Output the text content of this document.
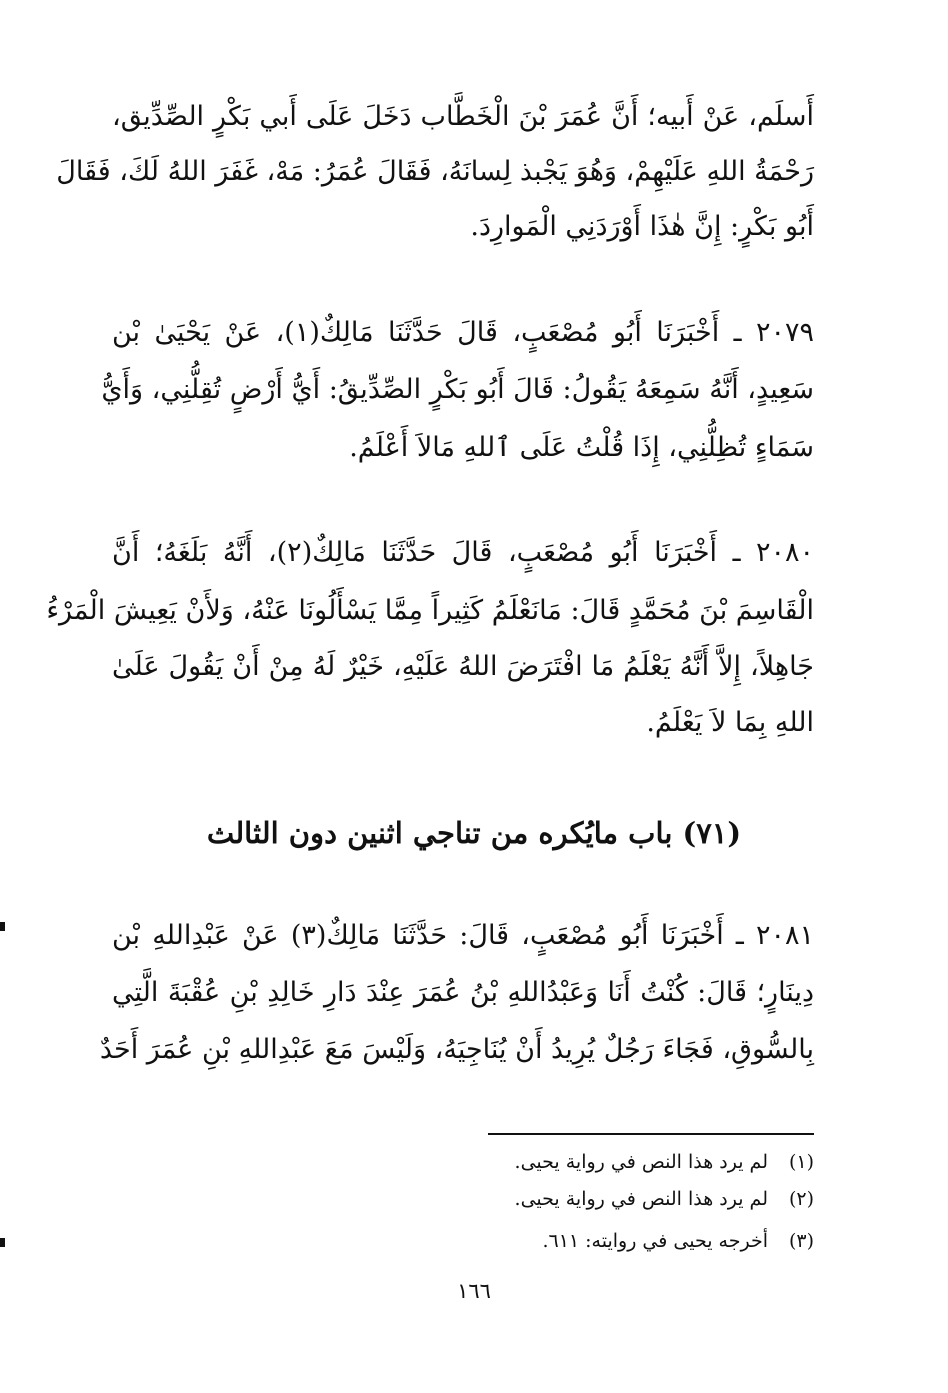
أَسلَم، عَنْ أَبيه؛ أَنَّ عُمَرَ بْنَ الْخَطَّاب دَخَلَ عَلَى أَبي بَكْرٍ الصِّدِّيق،
رَحْمَةُ اللهِ عَلَيْهِمْ، وَهُوَ يَجْبذ لِسانَهُ، فَقَالَ عُمَرُ: مَهْ، غَفَرَ اللهُ لَكَ، فَقَالَ
أَبُو بَكْرٍ: إِنَّ هٰذَا أَوْرَدَنِي الْمَوارِدَ.
٢٠٧٩ ـ أَخْبَرَنَا أَبُو مُصْعَبٍ، قَالَ حَدَّثَنَا مَالِكٌ(١)، عَنْ يَحْيَىٰ بْن
سَعِيدٍ، أَنَّهُ سَمِعَهُ يَقُولُ: قَالَ أَبُو بَكْرٍ الصِّدِّيقُ: أَيُّ أَرْضٍ تُقِلُّنِي، وَأَيُّ
سَمَاءٍ تُظِلُّنِي، إِذَا قُلْتُ عَلَى ٱللهِ مَالاَ أَعْلَمُ.
٢٠٨٠ ـ أَخْبَرَنَا أَبُو مُصْعَبٍ، قَالَ حَدَّثَنَا مَالِكٌ(٢)، أَنَّهُ بَلَغَهُ؛ أَنَّ
الْقَاسِمَ بْنَ مُحَمَّدٍ قَالَ: مَانَعْلَمُ كَثِيراً مِمَّا يَسْأَلُونَا عَنْهُ، وَلأَنْ يَعِيشَ الْمَرْءُ
جَاهِلاً، إِلاَّ أَنَّهُ يَعْلَمُ مَا افْتَرَضَ اللهُ عَلَيْهِ، خَيْرٌ لَهُ مِنْ أَنْ يَقُولَ عَلَىٰ
اللهِ بِمَا لاَ يَعْلَمُ.
(٧١) باب مايُكره من تناجي اثنين دون الثالث
٢٠٨١ ـ أَخْبَرَنَا أَبُو مُصْعَبٍ، قَالَ: حَدَّثَنَا مَالِكٌ(٣) عَنْ عَبْدِاللهِ بْن
دِينَارٍ؛ قَالَ: كُنْتُ أَنَا وَعَبْدُاللهِ بْنُ عُمَرَ عِنْدَ دَارِ خَالِدِ بْنِ عُقْبَةَ الَّتِي
بِالسُّوقِ، فَجَاءَ رَجُلٌ يُرِيدُ أَنْ يُنَاجِيَهُ، وَلَيْسَ مَعَ عَبْدِاللهِ بْنِ عُمَرَ أَحَدٌ
(١)لم يرد هذا النص في رواية يحيى.
(٢)لم يرد هذا النص في رواية يحيى.
(٣)أخرجه يحيى في روايته: ٦١١.
١٦٦
